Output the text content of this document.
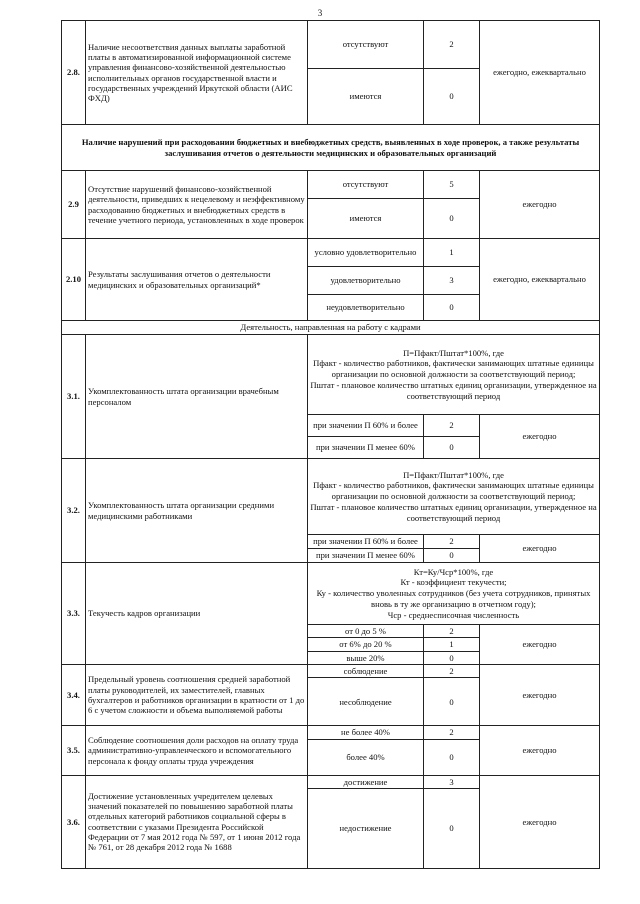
3
2.8.	Наличие несоответствия данных выплаты заработной платы в автоматизированной информационной системе управления финансово-хозяйственной деятельностью исполнительных органов государственной власти и государственных учреждений Иркутской области (АИС ФХД)	отсутствуют	2	ежегодно, ежеквартально
		имеются	0	
Наличие нарушений при расходовании бюджетных и внебюджетных средств, выявленных в ходе проверок, а также результаты заслушивания отчетов о деятельности медицинских и образовательных организаций				
2.9	Отсутствие нарушений финансово-хозяйственной деятельности, приведших к нецелевому и неэффективному расходованию бюджетных и внебюджетных средств в течение учетного периода, установленных в ходе проверок	отсутствуют	5	ежегодно
		имеются	0	
2.10	Результаты заслушивания отчетов о деятельности медицинских и образовательных организаций*	условно удовлетворительно	1	ежегодно, ежеквартально
		удовлетворительно	3	
		неудовлетворительно	0	
Деятельность, направленная на работу с кадрами				
3.1.	Укомплектованность штата организации врачебным персоналом	П=Пфакт/Пштат*100%, где
Пфакт - количество работников, фактически занимающих штатные единицы организации по основной должности за соответствующий период;
Пштат - плановое количество штатных единиц организации, утвержденное на соответствующий период		

		при значении П 60% и более	2	ежегодно
		при значении П менее 60%	0	
3.2.	Укомплектованность штата организации средними медицинскими работниками	П=Пфакт/Пштат*100%, где
Пфакт - количество работников, фактически занимающих штатные единицы организации по основной должности за соответствующий период;
Пштат - плановое количество штатных единиц организации, утвержденное на соответствующий период		

		при значении П 60% и более	2	ежегодно
		при значении П менее 60%	0	
3.3.	Текучесть кадров организации	Кт=Ку/Чср*100%, где
Кт - коэффициент текучести;
Ку - количество уволенных сотрудников (без учета сотрудников, принятых вновь в ту же организацию в отчетном году);
Чср - среднесписочная численность		

		от 0 до 5 %	2	ежегодно
		от 6% до 20 %	1	
		выше 20%	0	
3.4.	Предельный уровень соотношения средней заработной платы руководителей, их заместителей, главных бухгалтеров и работников организации в кратности от 1 до 6 с учетом сложности и объема выполняемой работы	соблюдение	2	ежегодно
		несоблюдение	0	
3.5.	Соблюдение соотношения доли расходов на оплату труда административно-управленческого и вспомогательного персонала к фонду оплаты труда учреждения	не более 40%	2	ежегодно
		более 40%	0	
3.6.	Достижение установленных учредителем целевых значений показателей по повышению заработной платы отдельных категорий работников социальной сферы в соответствии с указами Президента Российской Федерации от 7 мая 2012 года № 597, от 1 июня 2012 года № 761, от 28 декабря 2012 года № 1688	достижение	3	ежегодно
		недостижение	0	
